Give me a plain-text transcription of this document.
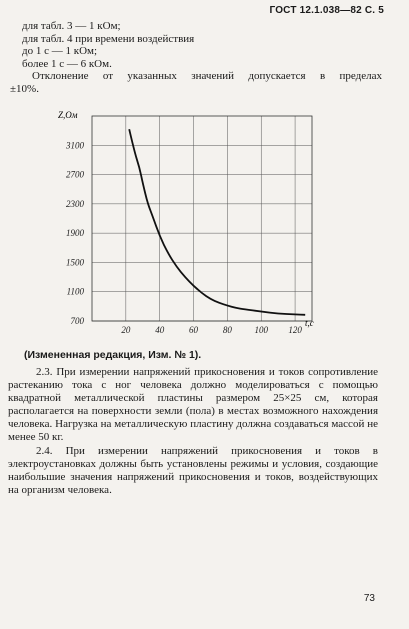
ГОСТ 12.1.038—82 С. 5
для табл. 3 — 1 кОм;
для табл. 4 при времени воздействия
до 1 с — 1 кОм;
более 1 с — 6 кОм.
Отклонение от указанных значений допускается в пределах
±10%.
3100
2700
2300
1900
1500
1100
700
20	40	60	80	100 120
Z,Ом
t,с
(Измененная редакция, Изм. № 1).

2.3. При измерении напряжений прикосновения и токов сопротивление растеканию тока с ног человека должно моделироваться с помощью квадратной металлической пластины размером 25×25 см, которая располагается на поверхности земли (пола) в местах возможного нахождения человека. Нагрузка на металлическую пластину должна создаваться массой не менее 50 кг.

2.4. При измерении напряжений прикосновения и токов в электроустановках должны быть установлены режимы и условия, создающие наибольшие значения напряжений прикосновения и токов, воздействующих на организм человека.

73
